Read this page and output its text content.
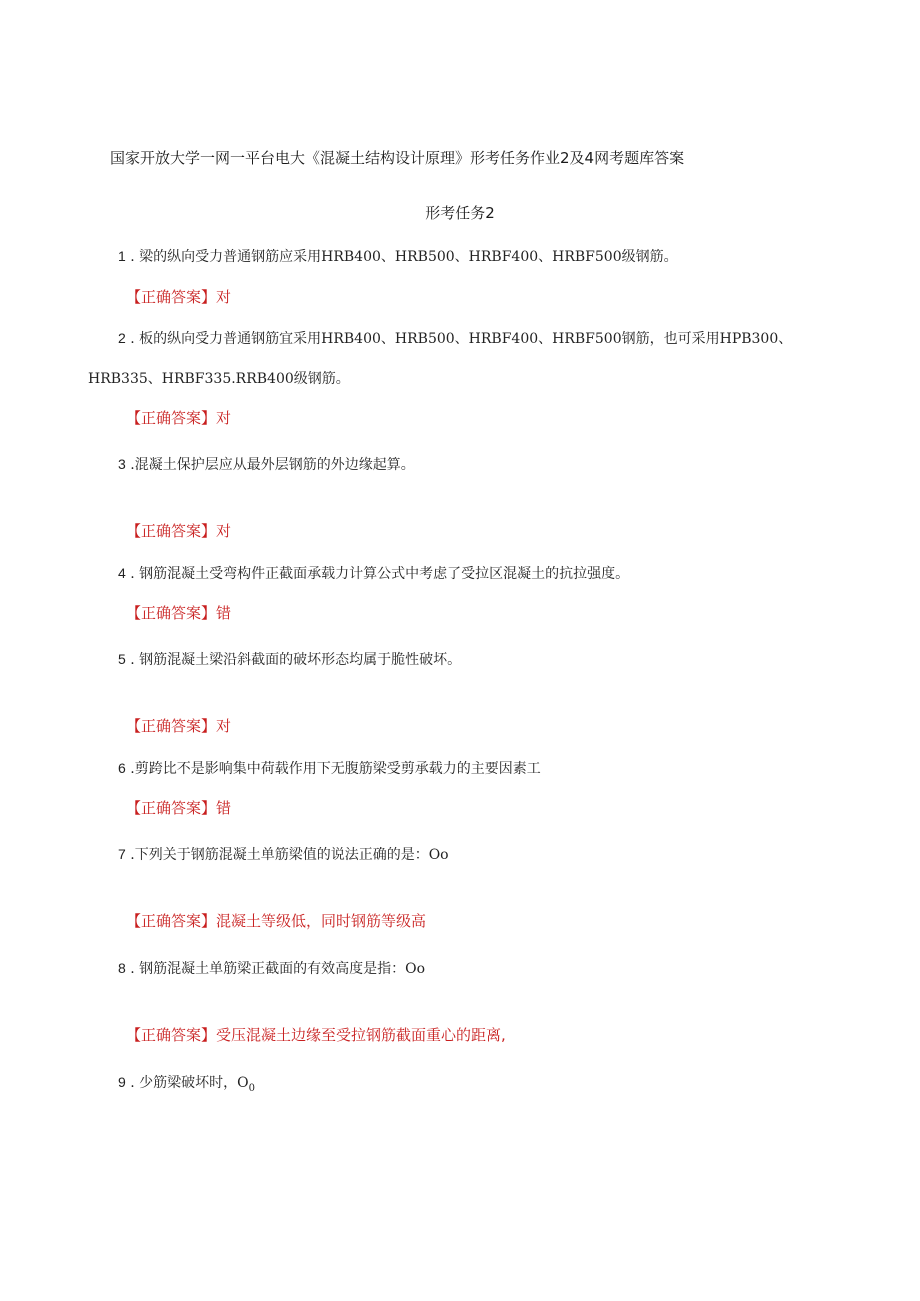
国家开放大学一网一平台电大《混凝土结构设计原理》形考任务作业2及4网考题库答案
形考任务2
1 . 梁的纵向受力普通钢筋应采用HRB400、HRB500、HRBF400、HRBF500级钢筋。
【正确答案】对
2 . 板的纵向受力普通钢筋宜采用HRB400、HRB500、HRBF400、HRBF500钢筋，也可采用HPB300、
HRB335、HRBF335.RRB400级钢筋。
【正确答案】对
3 .混凝土保护层应从最外层钢筋的外边缘起算。
【正确答案】对
4 . 钢筋混凝土受弯构件正截面承载力计算公式中考虑了受拉区混凝土的抗拉强度。
【正确答案】错
5 . 钢筋混凝土梁沿斜截面的破坏形态均属于脆性破坏。
【正确答案】对
6 .剪跨比不是影响集中荷载作用下无腹筋梁受剪承载力的主要因素工
【正确答案】错
7 .下列关于钢筋混凝土单筋梁值的说法正确的是：Oo
【正确答案】混凝土等级低，同时钢筋等级高
8 . 钢筋混凝土单筋梁正截面的有效高度是指：Oo
【正确答案】受压混凝土边缘至受拉钢筋截面重心的距离,
9 . 少筋梁破坏时，$O_0$
